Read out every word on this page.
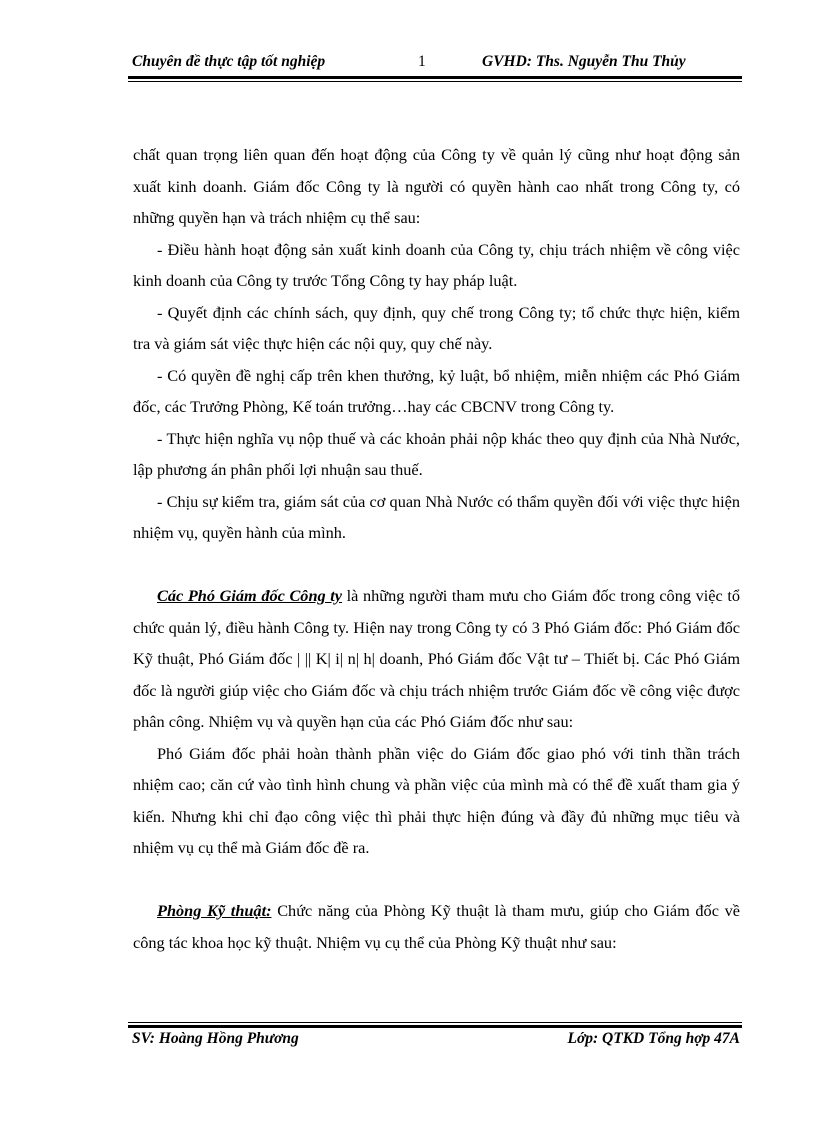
Chuyên đề thực tập tốt nghiệp	1	GVHD: Ths. Nguyễn Thu Thủy

chất quan trọng liên quan đến hoạt động của Công ty về quản lý cũng như hoạt động sản xuất kinh doanh. Giám đốc Công ty là người có quyền hành cao nhất trong Công ty, có những quyền hạn và trách nhiệm cụ thể sau:

- Điều hành hoạt động sản xuất kinh doanh của Công ty, chịu trách nhiệm về công việc kinh doanh của Công ty trước Tổng Công ty hay pháp luật.

- Quyết định các chính sách, quy định, quy chế trong Công ty; tổ chức thực hiện, kiểm tra và giám sát việc thực hiện các nội quy, quy chế này.

- Có quyền đề nghị cấp trên khen thưởng, kỷ luật, bổ nhiệm, miễn nhiệm các Phó Giám đốc, các Trưởng Phòng, Kế toán trưởng…hay các CBCNV trong Công ty.

- Thực hiện nghĩa vụ nộp thuế và các khoản phải nộp khác theo quy định của Nhà Nước, lập phương án phân phối lợi nhuận sau thuế.

- Chịu sự kiểm tra, giám sát của cơ quan Nhà Nước có thẩm quyền đối với việc thực hiện nhiệm vụ, quyền hành của mình.

Các Phó Giám đốc Công ty là những người tham mưu cho Giám đốc trong công việc tổ chức quản lý, điều hành Công ty. Hiện nay trong Công ty có 3 Phó Giám đốc: Phó Giám đốc Kỹ thuật, Phó Giám đốc | || K| i| n| h| doanh, Phó Giám đốc Vật tư – Thiết bị. Các Phó Giám đốc là người giúp việc cho Giám đốc và chịu trách nhiệm trước Giám đốc về công việc được phân công. Nhiệm vụ và quyền hạn của các Phó Giám đốc như sau:

Phó Giám đốc phải hoàn thành phần việc do Giám đốc giao phó với tinh thần trách nhiệm cao; căn cứ vào tình hình chung và phần việc của mình mà có thể đề xuất tham gia ý kiến. Nhưng khi chỉ đạo công việc thì phải thực hiện đúng và đầy đủ những mục tiêu và nhiệm vụ cụ thể mà Giám đốc đề ra.

Phòng Kỹ thuật: Chức năng của Phòng Kỹ thuật là tham mưu, giúp cho Giám đốc về công tác khoa học kỹ thuật. Nhiệm vụ cụ thể của Phòng Kỹ thuật như sau:

SV: Hoàng Hồng Phương	Lớp: QTKD Tổng hợp 47A
